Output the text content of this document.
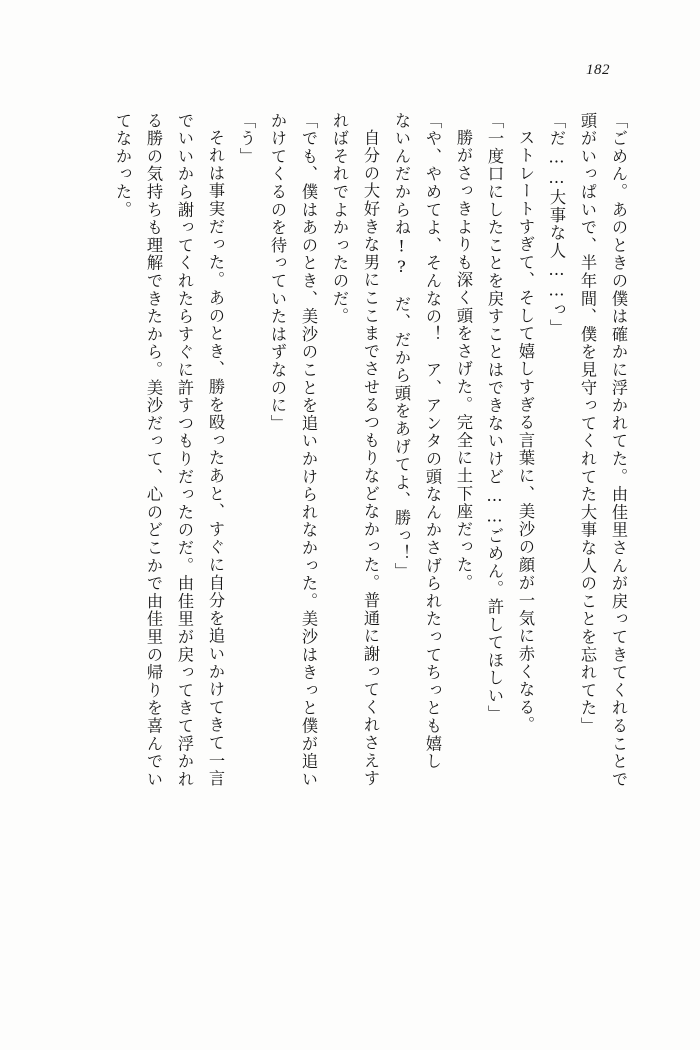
182
「ごめん。あのときの僕は確かに浮かれてた。由佳里さんが戻ってきてくれることで
頭がいっぱいで、半年間、僕を見守ってくれてた大事な人のことを忘れてた」
「だ……大事な人……っ」
ストレートすぎて、そして嬉しすぎる言葉に、美沙の顔が一気に赤くなる。
「一度口にしたことを戻すことはできないけど……ごめん。許してほしい」
勝がさっきよりも深く頭をさげた。完全に土下座だった。
「や、やめてよ、そんなの！　ア、アンタの頭なんかさげられたってちっとも嬉し
ないんだからね!?　だ、だから頭をあげてよ、勝っ！」
自分の大好きな男にここまでさせるつもりなどなかった。普通に謝ってくれさえす
ればそれでよかったのだ。
「でも、僕はあのとき、美沙のことを追いかけられなかった。美沙はきっと僕が追い
かけてくるのを待っていたはずなのに」
「う」
それは事実だった。あのとき、勝を殴ったあと、すぐに自分を追いかけてきて一言
でいいから謝ってくれたらすぐに許すつもりだったのだ。由佳里が戻ってきて浮かれ
る勝の気持ちも理解できたから。美沙だって、心のどこかで由佳里の帰りを喜んでい
てなかった。
